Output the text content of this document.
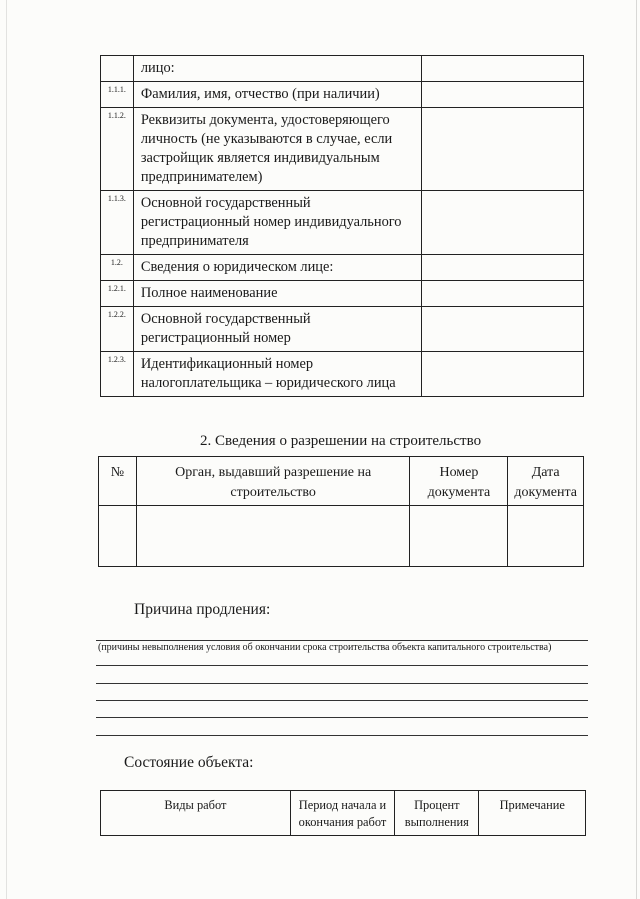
	лицо:	
1.1.1.	Фамилия, имя, отчество (при наличии)	
1.1.2.	Реквизиты документа, удостоверяющего личность (не указываются в случае, если застройщик является индивидуальным предпринимателем)	
1.1.3.	Основной государственный регистрационный номер индивидуального предпринимателя	
1.2.	Сведения о юридическом лице:	
1.2.1.	Полное наименование	
1.2.2.	Основной государственный регистрационный номер	
1.2.3.	Идентификационный номер налогоплательщика – юридического лица	
2. Сведения о разрешении на строительство
№	Орган, выдавший разрешение на строительство	Номер документа	Дата документа

Причина продления:
(причины невыполнения условия об окончании срока строительства объекта капитального строительства)
Состояние объекта:
Виды работ	Период начала и окончания работ	Процент выполнения	Примечание
